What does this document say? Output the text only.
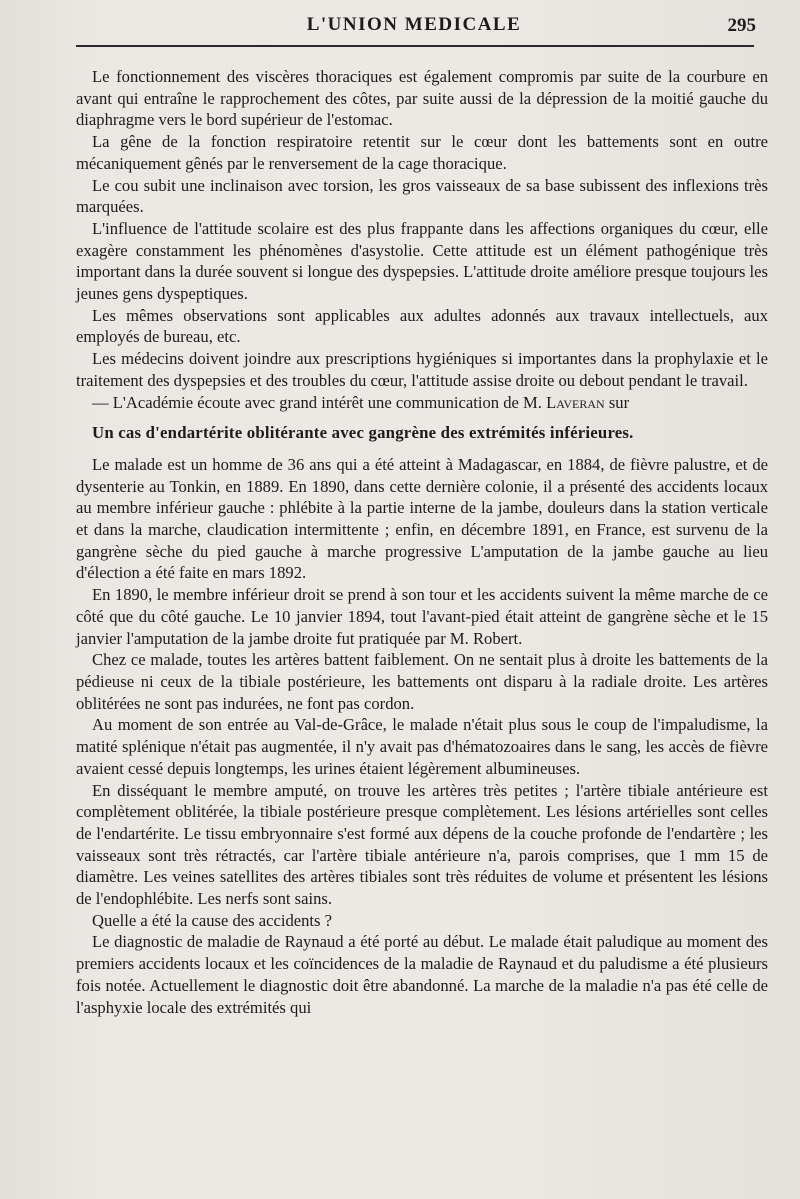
L'UNION MEDICALE	295

Le fonctionnement des viscères thoraciques est également compromis par suite de la courbure en avant qui entraîne le rapprochement des côtes, par suite aussi de la dépression de la moitié gauche du diaphragme vers le bord supérieur de l'estomac.

La gêne de la fonction respiratoire retentit sur le cœur dont les battements sont en outre mécaniquement gênés par le renversement de la cage thoracique.

Le cou subit une inclinaison avec torsion, les gros vaisseaux de sa base subissent des inflexions très marquées.

L'influence de l'attitude scolaire est des plus frappante dans les affections organiques du cœur, elle exagère constamment les phénomènes d'asystolie. Cette attitude est un élément pathogénique très important dans la durée souvent si longue des dyspepsies. L'attitude droite améliore presque toujours les jeunes gens dyspeptiques.

Les mêmes observations sont applicables aux adultes adonnés aux travaux intellectuels, aux employés de bureau, etc.

Les médecins doivent joindre aux prescriptions hygiéniques si importantes dans la prophylaxie et le traitement des dyspepsies et des troubles du cœur, l'attitude assise droite ou debout pendant le travail.

— L'Académie écoute avec grand intérêt une communication de M. Laveran sur

Un cas d'endartérite oblitérante avec gangrène des extrémités inférieures.

Le malade est un homme de 36 ans qui a été atteint à Madagascar, en 1884, de fièvre palustre, et de dysenterie au Tonkin, en 1889. En 1890, dans cette dernière colonie, il a présenté des accidents locaux au membre inférieur gauche : phlébite à la partie interne de la jambe, douleurs dans la station verticale et dans la marche, claudication intermittente ; enfin, en décembre 1891, en France, est survenu de la gangrène sèche du pied gauche à marche progressive L'amputation de la jambe gauche au lieu d'élection a été faite en mars 1892.

En 1890, le membre inférieur droit se prend à son tour et les accidents suivent la même marche de ce côté que du côté gauche. Le 10 janvier 1894, tout l'avant-pied était atteint de gangrène sèche et le 15 janvier l'amputation de la jambe droite fut pratiquée par M. Robert.

Chez ce malade, toutes les artères battent faiblement. On ne sentait plus à droite les battements de la pédieuse ni ceux de la tibiale postérieure, les battements ont disparu à la radiale droite. Les artères oblitérées ne sont pas indurées, ne font pas cordon.

Au moment de son entrée au Val-de-Grâce, le malade n'était plus sous le coup de l'impaludisme, la matité splénique n'était pas augmentée, il n'y avait pas d'hématozoaires dans le sang, les accès de fièvre avaient cessé depuis longtemps, les urines étaient légèrement albumineuses.

En disséquant le membre amputé, on trouve les artères très petites ; l'artère tibiale antérieure est complètement oblitérée, la tibiale postérieure presque complètement. Les lésions artérielles sont celles de l'endartérite. Le tissu embryonnaire s'est formé aux dépens de la couche profonde de l'endartère ; les vaisseaux sont très rétractés, car l'artère tibiale antérieure n'a, parois comprises, que 1 mm 15 de diamètre. Les veines satellites des artères tibiales sont très réduites de volume et présentent les lésions de l'endophlébite. Les nerfs sont sains.

Quelle a été la cause des accidents ?

Le diagnostic de maladie de Raynaud a été porté au début. Le malade était paludique au moment des premiers accidents locaux et les coïncidences de la maladie de Raynaud et du paludisme a été plusieurs fois notée. Actuellement le diagnostic doit être abandonné. La marche de la maladie n'a pas été celle de l'asphyxie locale des extrémités qui
